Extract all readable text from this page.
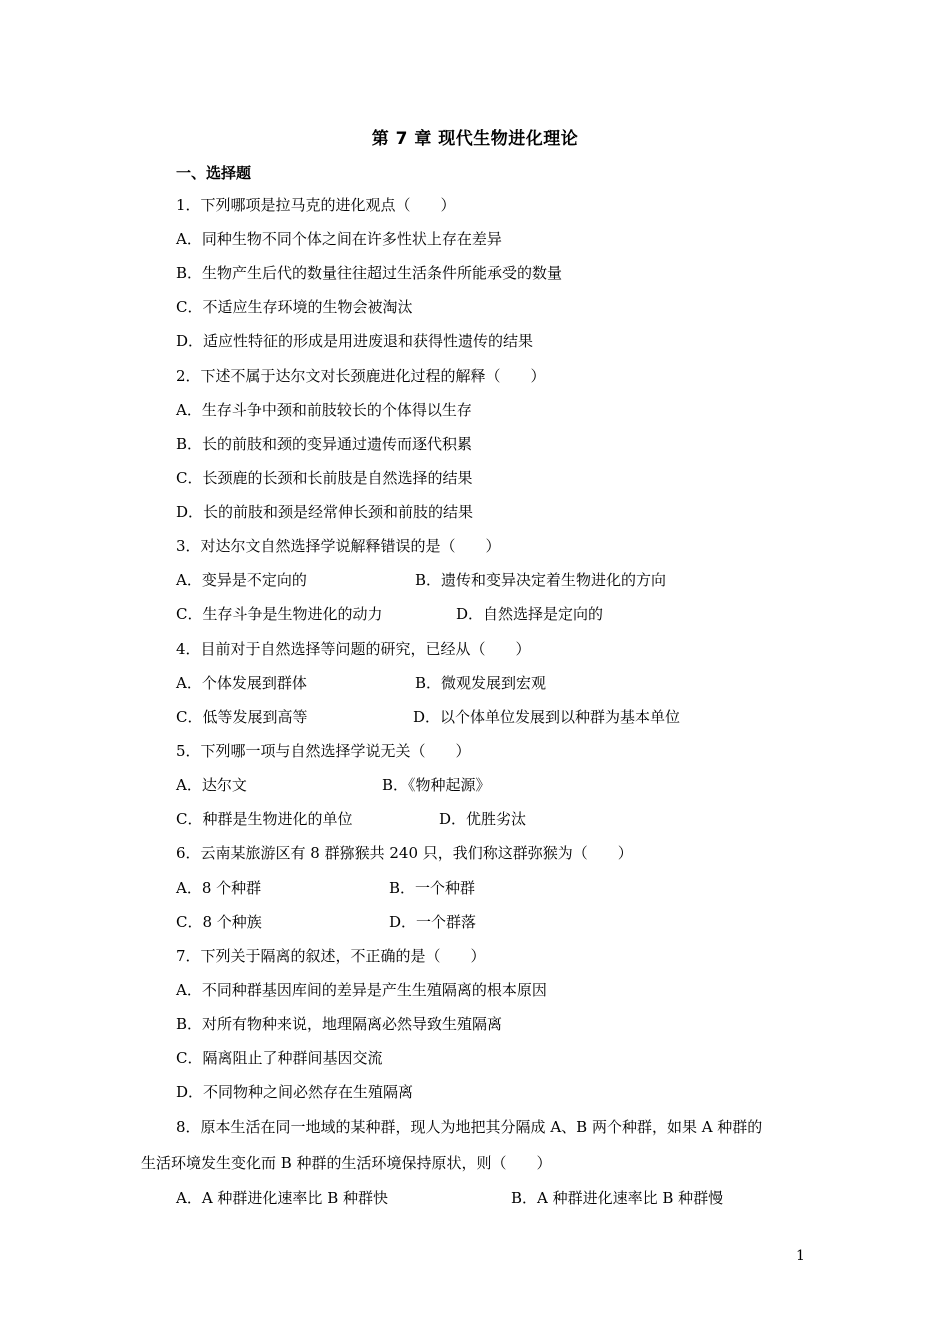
第 7 章 现代生物进化理论
一、选择题
1．下列哪项是拉马克的进化观点（　　）
A．同种生物不同个体之间在许多性状上存在差异
B．生物产生后代的数量往往超过生活条件所能承受的数量
C．不适应生存环境的生物会被淘汰
D．适应性特征的形成是用进废退和获得性遗传的结果
2．下述不属于达尔文对长颈鹿进化过程的解释（　　）
A．生存斗争中颈和前肢较长的个体得以生存
B．长的前肢和颈的变异通过遗传而逐代积累
C．长颈鹿的长颈和长前肢是自然选择的结果
D．长的前肢和颈是经常伸长颈和前肢的结果
3．对达尔文自然选择学说解释错误的是（　　）
A．变异是不定向的	B．遗传和变异决定着生物进化的方向
C．生存斗争是生物进化的动力	D．自然选择是定向的
4．目前对于自然选择等问题的研究，已经从（　　）
A．个体发展到群体	B．微观发展到宏观
C．低等发展到高等	D．以个体单位发展到以种群为基本单位
5．下列哪一项与自然选择学说无关（　　）
A．达尔文	B．《物种起源》
C．种群是生物进化的单位	D．优胜劣汰
6．云南某旅游区有 8 群猕猴共 240 只，我们称这群弥猴为（　　）
A．8 个种群	B．一个种群
C．8 个种族	D．一个群落
7．下列关于隔离的叙述，不正确的是（　　）
A．不同种群基因库间的差异是产生生殖隔离的根本原因
B．对所有物种来说，地理隔离必然导致生殖隔离
C．隔离阻止了种群间基因交流
D．不同物种之间必然存在生殖隔离
8．原本生活在同一地域的某种群，现人为地把其分隔成 A、B 两个种群，如果 A 种群的
生活环境发生变化而 B 种群的生活环境保持原状，则（　　）
A．A 种群进化速率比 B 种群快	B．A 种群进化速率比 B 种群慢
1
